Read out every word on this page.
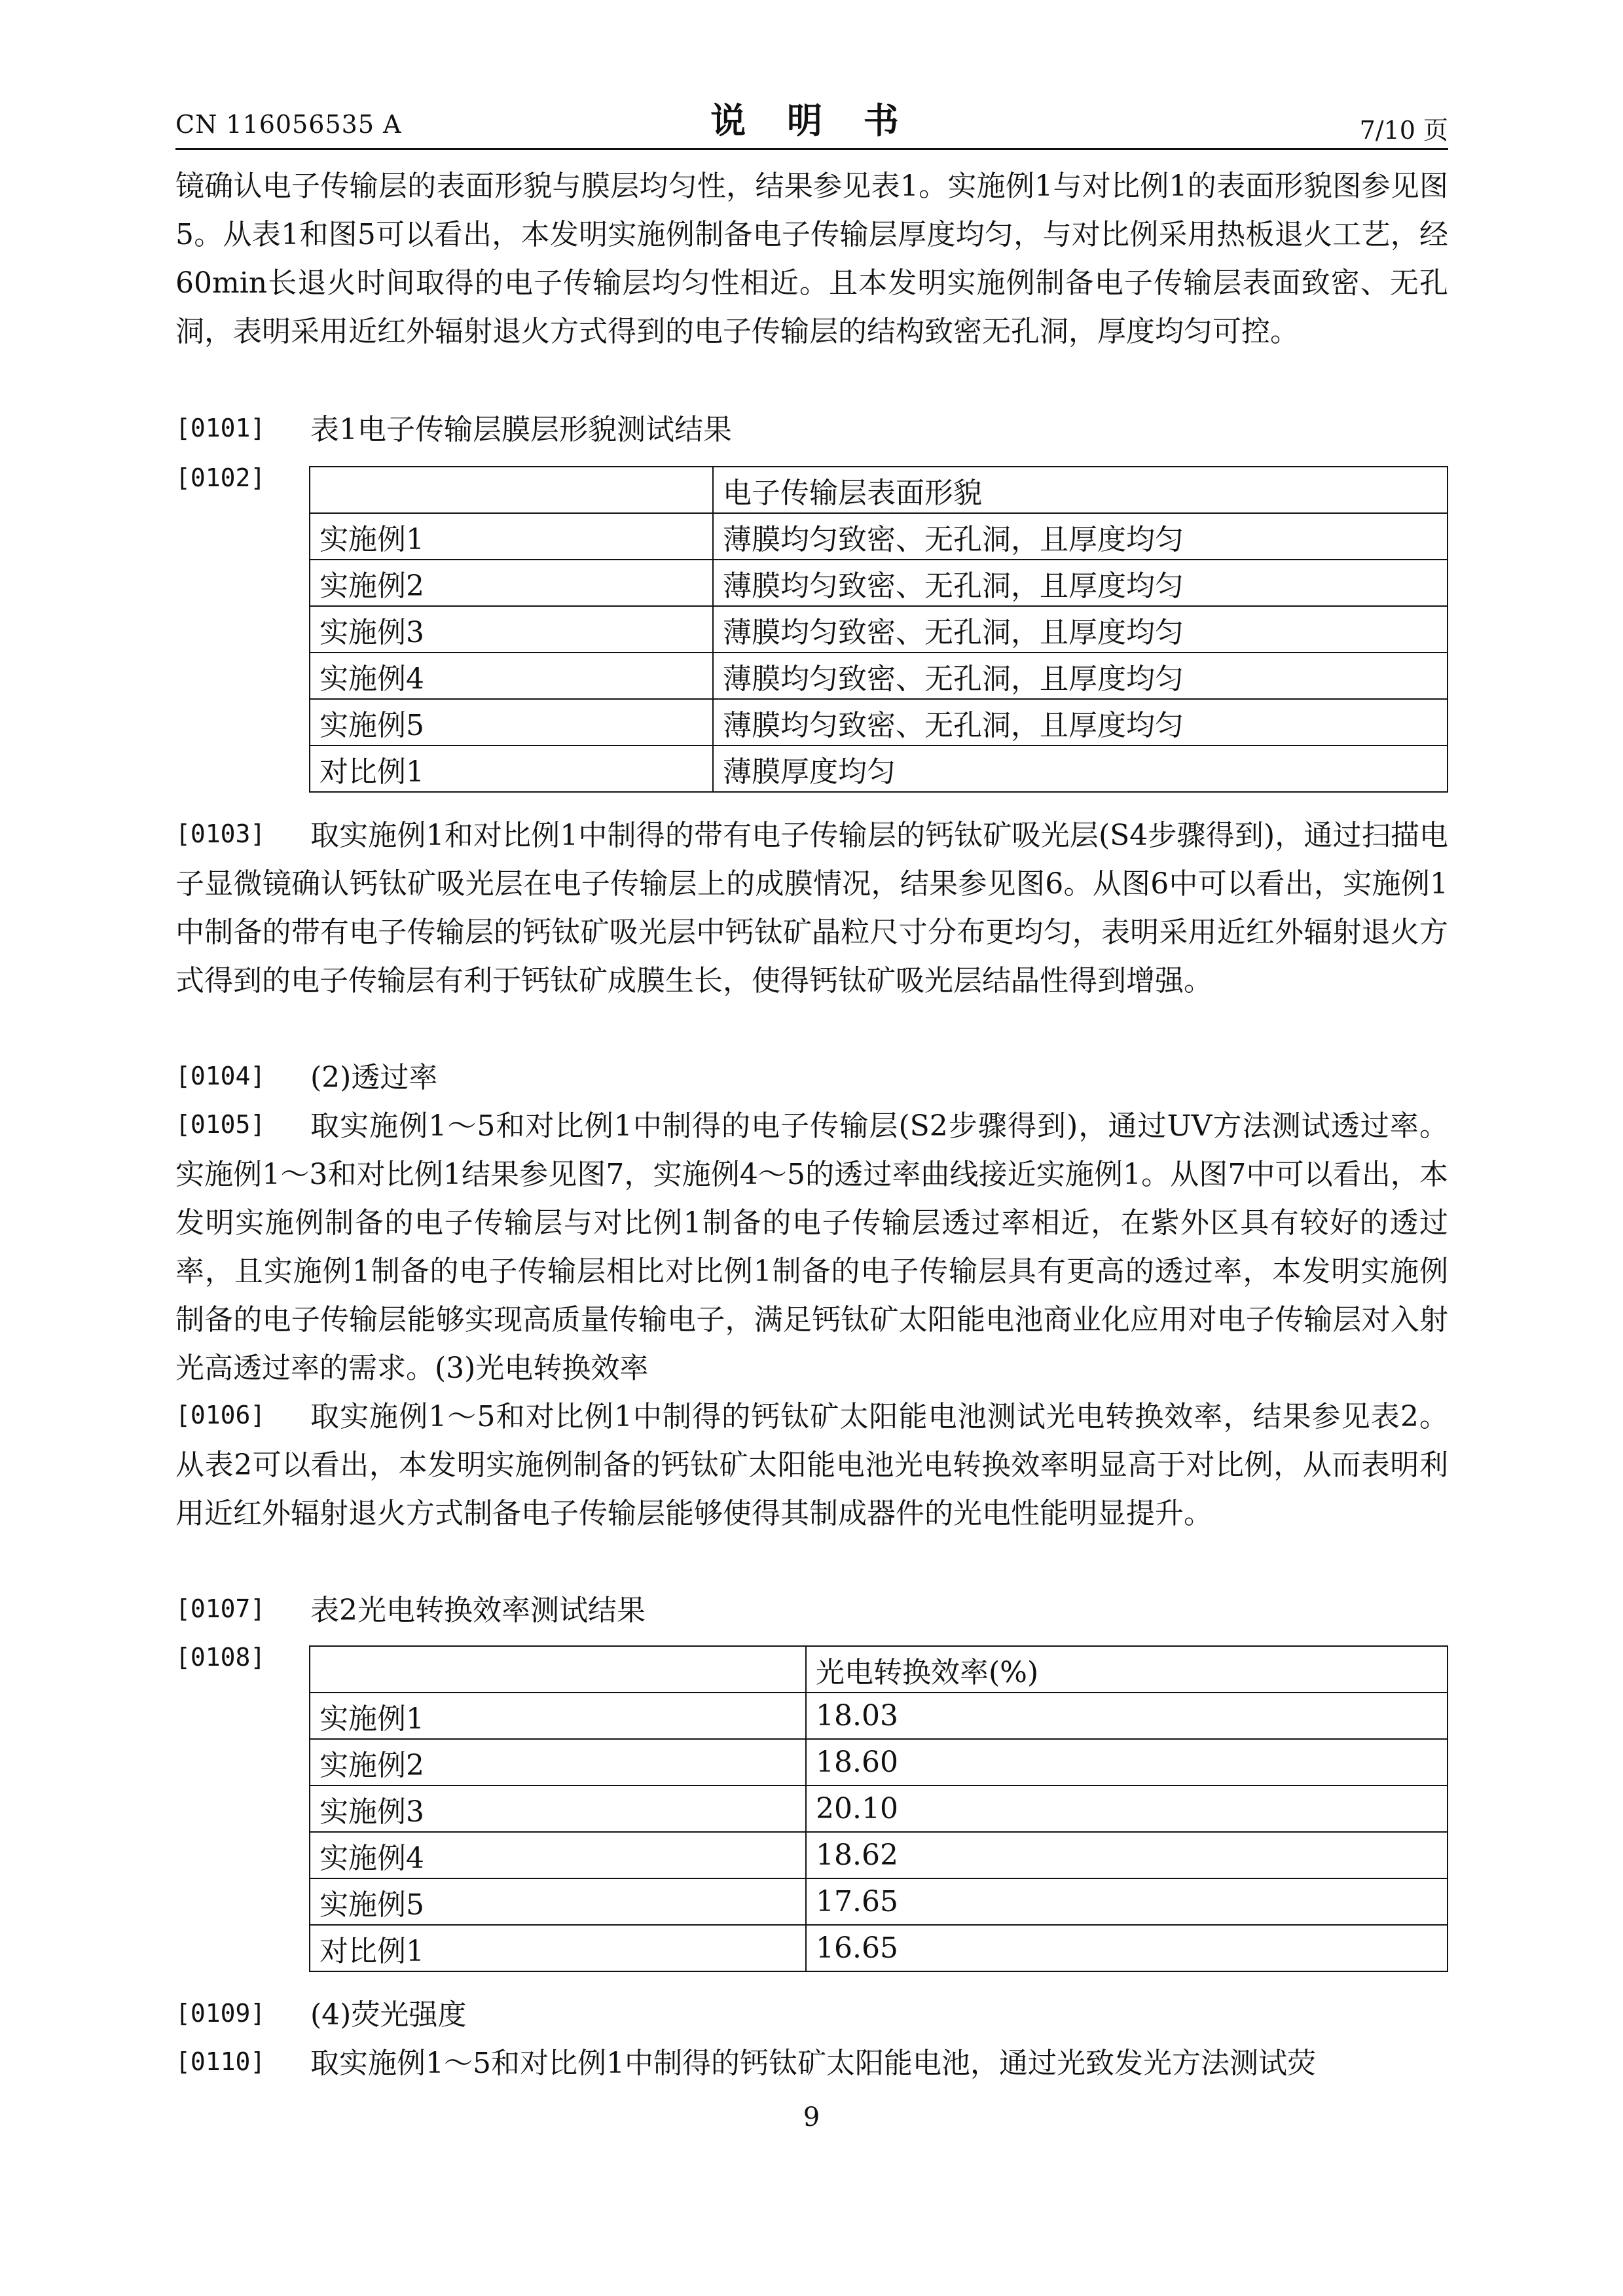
CN 116056535 A	说 明 书	7/10 页
镜确认电子传输层的表面形貌与膜层均匀性，结果参见表1。实施例1与对比例1的表面形貌图参见图5。从表1和图5可以看出，本发明实施例制备电子传输层厚度均匀，与对比例采用热板退火工艺，经60min长退火时间取得的电子传输层均匀性相近。且本发明实施例制备电子传输层表面致密、无孔洞，表明采用近红外辐射退火方式得到的电子传输层的结构致密无孔洞，厚度均匀可控。
[0101] 表1电子传输层膜层形貌测试结果
[0102]
		电子传输层表面形貌
实施例1	薄膜均匀致密、无孔洞，且厚度均匀
实施例2	薄膜均匀致密、无孔洞，且厚度均匀
实施例3	薄膜均匀致密、无孔洞，且厚度均匀
实施例4	薄膜均匀致密、无孔洞，且厚度均匀
实施例5	薄膜均匀致密、无孔洞，且厚度均匀
对比例1	薄膜厚度均匀
[0103]	取实施例1和对比例1中制得的带有电子传输层的钙钛矿吸光层(S4步骤得到)，通过扫描电子显微镜确认钙钛矿吸光层在电子传输层上的成膜情况，结果参见图6。从图6中可以看出，实施例1中制备的带有电子传输层的钙钛矿吸光层中钙钛矿晶粒尺寸分布更均匀，表明采用近红外辐射退火方式得到的电子传输层有利于钙钛矿成膜生长，使得钙钛矿吸光层结晶性得到增强。
[0104] (2)透过率
[0105]	取实施例1～5和对比例1中制得的电子传输层(S2步骤得到)，通过UV方法测试透过率。实施例1～3和对比例1结果参见图7，实施例4～5的透过率曲线接近实施例1。从图7中可以看出，本发明实施例制备的电子传输层与对比例1制备的电子传输层透过率相近，在紫外区具有较好的透过率，且实施例1制备的电子传输层相比对比例1制备的电子传输层具有更高的透过率，本发明实施例制备的电子传输层能够实现高质量传输电子，满足钙钛矿太阳能电池商业化应用对电子传输层对入射光高透过率的需求。(3)光电转换效率
[0106]	取实施例1～5和对比例1中制得的钙钛矿太阳能电池测试光电转换效率，结果参见表2。从表2可以看出，本发明实施例制备的钙钛矿太阳能电池光电转换效率明显高于对比例，从而表明利用近红外辐射退火方式制备电子传输层能够使得其制成器件的光电性能明显提升。
[0107] 表2光电转换效率测试结果
[0108]
		光电转换效率(%)
实施例1	18.03
实施例2	18.60
实施例3	20.10
实施例4	18.62
实施例5	17.65
对比例1	16.65
[0109] (4)荧光强度
[0110] 取实施例1～5和对比例1中制得的钙钛矿太阳能电池，通过光致发光方法测试荧
9
